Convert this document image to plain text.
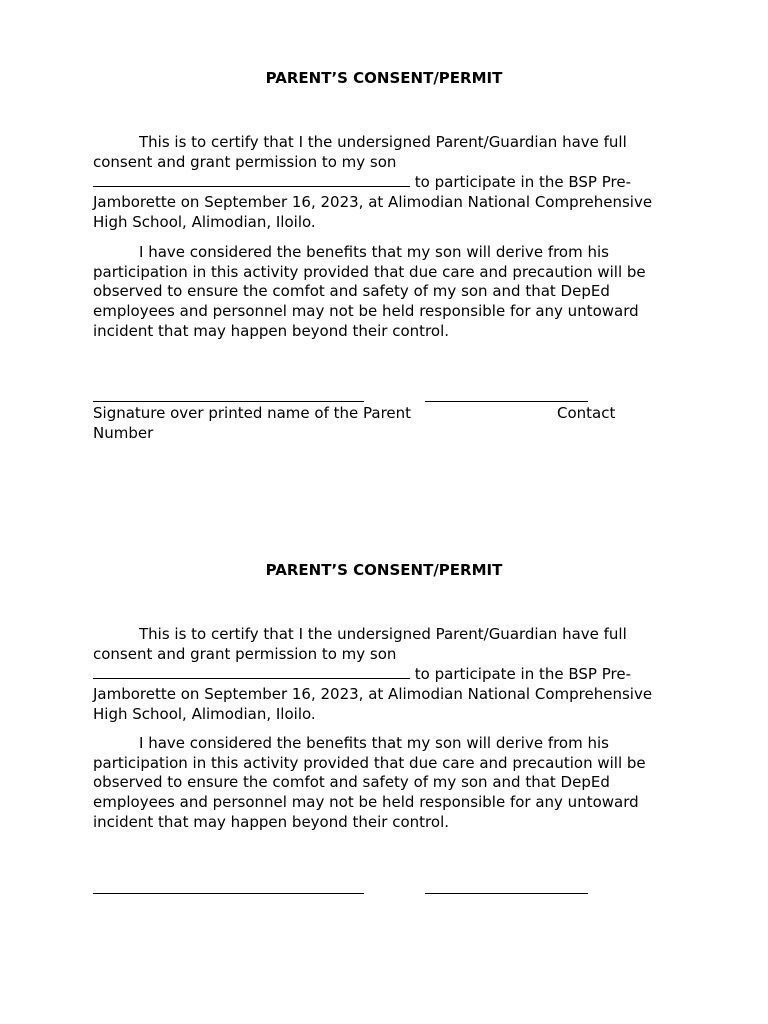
PARENT’S CONSENT/PERMIT

This is to certify that I the undersigned Parent/Guardian have full consent and grant permission to my son  to participate in the BSP Pre-Jamborette on September 16, 2023, at Alimodian National Comprehensive High School, Alimodian, Iloilo.

I have considered the benefits that my son will derive from his participation in this activity provided that due care and precaution will be observed to ensure the comfot and safety of my son and that DepEd employees and personnel may not be held responsible for any untoward incident that may happen beyond their control.

Signature over printed name of the Parent	Contact
Number
PARENT’S CONSENT/PERMIT

This is to certify that I the undersigned Parent/Guardian have full consent and grant permission to my son  to participate in the BSP Pre-Jamborette on September 16, 2023, at Alimodian National Comprehensive High School, Alimodian, Iloilo.

I have considered the benefits that my son will derive from his participation in this activity provided that due care and precaution will be observed to ensure the comfot and safety of my son and that DepEd employees and personnel may not be held responsible for any untoward incident that may happen beyond their control.
